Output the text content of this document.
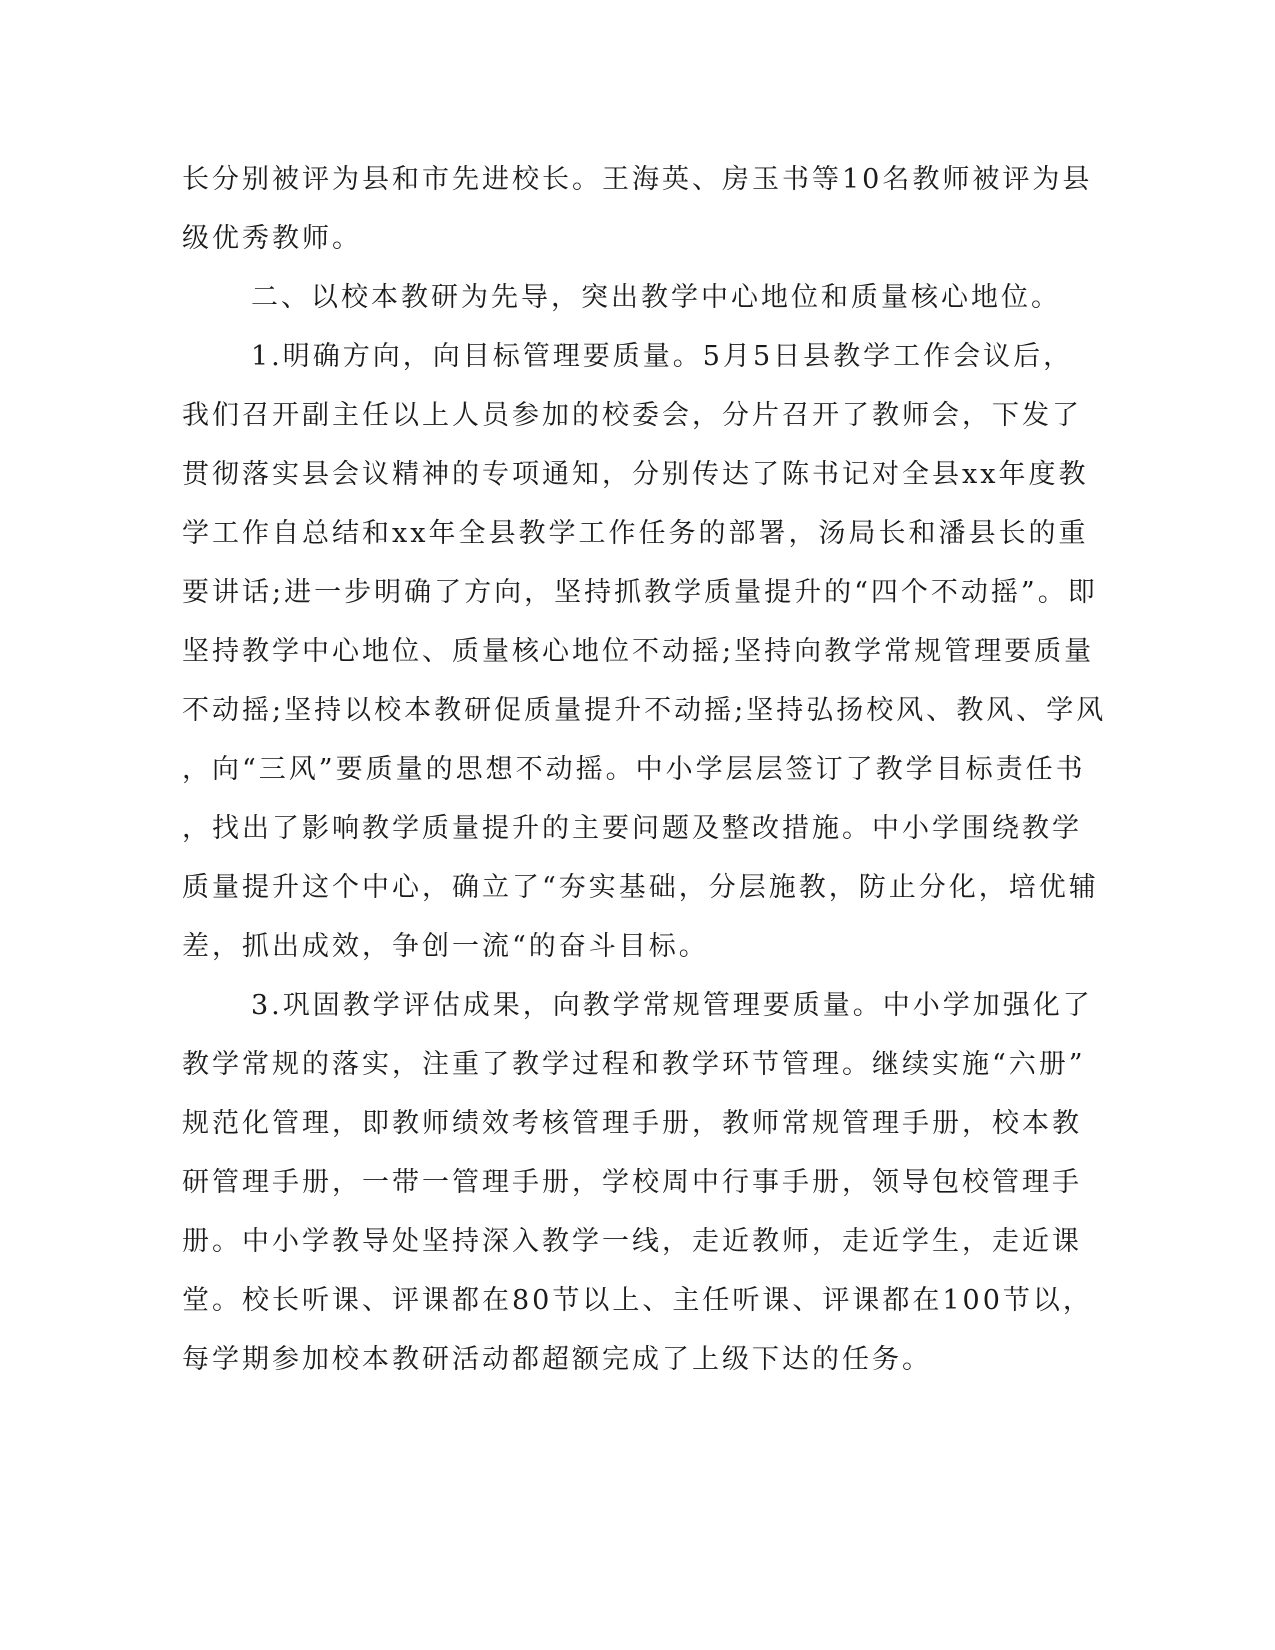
长分别被评为县和市先进校长。王海英、房玉书等10名教师被评为县

级优秀教师。

二、以校本教研为先导，突出教学中心地位和质量核心地位。

1.明确方向，向目标管理要质量。5月5日县教学工作会议后，

我们召开副主任以上人员参加的校委会，分片召开了教师会，下发了

贯彻落实县会议精神的专项通知，分别传达了陈书记对全县xx年度教

学工作自总结和xx年全县教学工作任务的部署，汤局长和潘县长的重

要讲话;进一步明确了方向，坚持抓教学质量提升的“四个不动摇”。即

坚持教学中心地位、质量核心地位不动摇;坚持向教学常规管理要质量

不动摇;坚持以校本教研促质量提升不动摇;坚持弘扬校风、教风、学风

，向“三风”要质量的思想不动摇。中小学层层签订了教学目标责任书

，找出了影响教学质量提升的主要问题及整改措施。中小学围绕教学

质量提升这个中心，确立了“夯实基础，分层施教，防止分化，培优辅

差，抓出成效，争创一流“的奋斗目标。

3.巩固教学评估成果，向教学常规管理要质量。中小学加强化了

教学常规的落实，注重了教学过程和教学环节管理。继续实施“六册”

规范化管理，即教师绩效考核管理手册，教师常规管理手册，校本教

研管理手册，一带一管理手册，学校周中行事手册，领导包校管理手

册。中小学教导处坚持深入教学一线，走近教师，走近学生，走近课

堂。校长听课、评课都在80节以上、主任听课、评课都在100节以，

每学期参加校本教研活动都超额完成了上级下达的任务。
